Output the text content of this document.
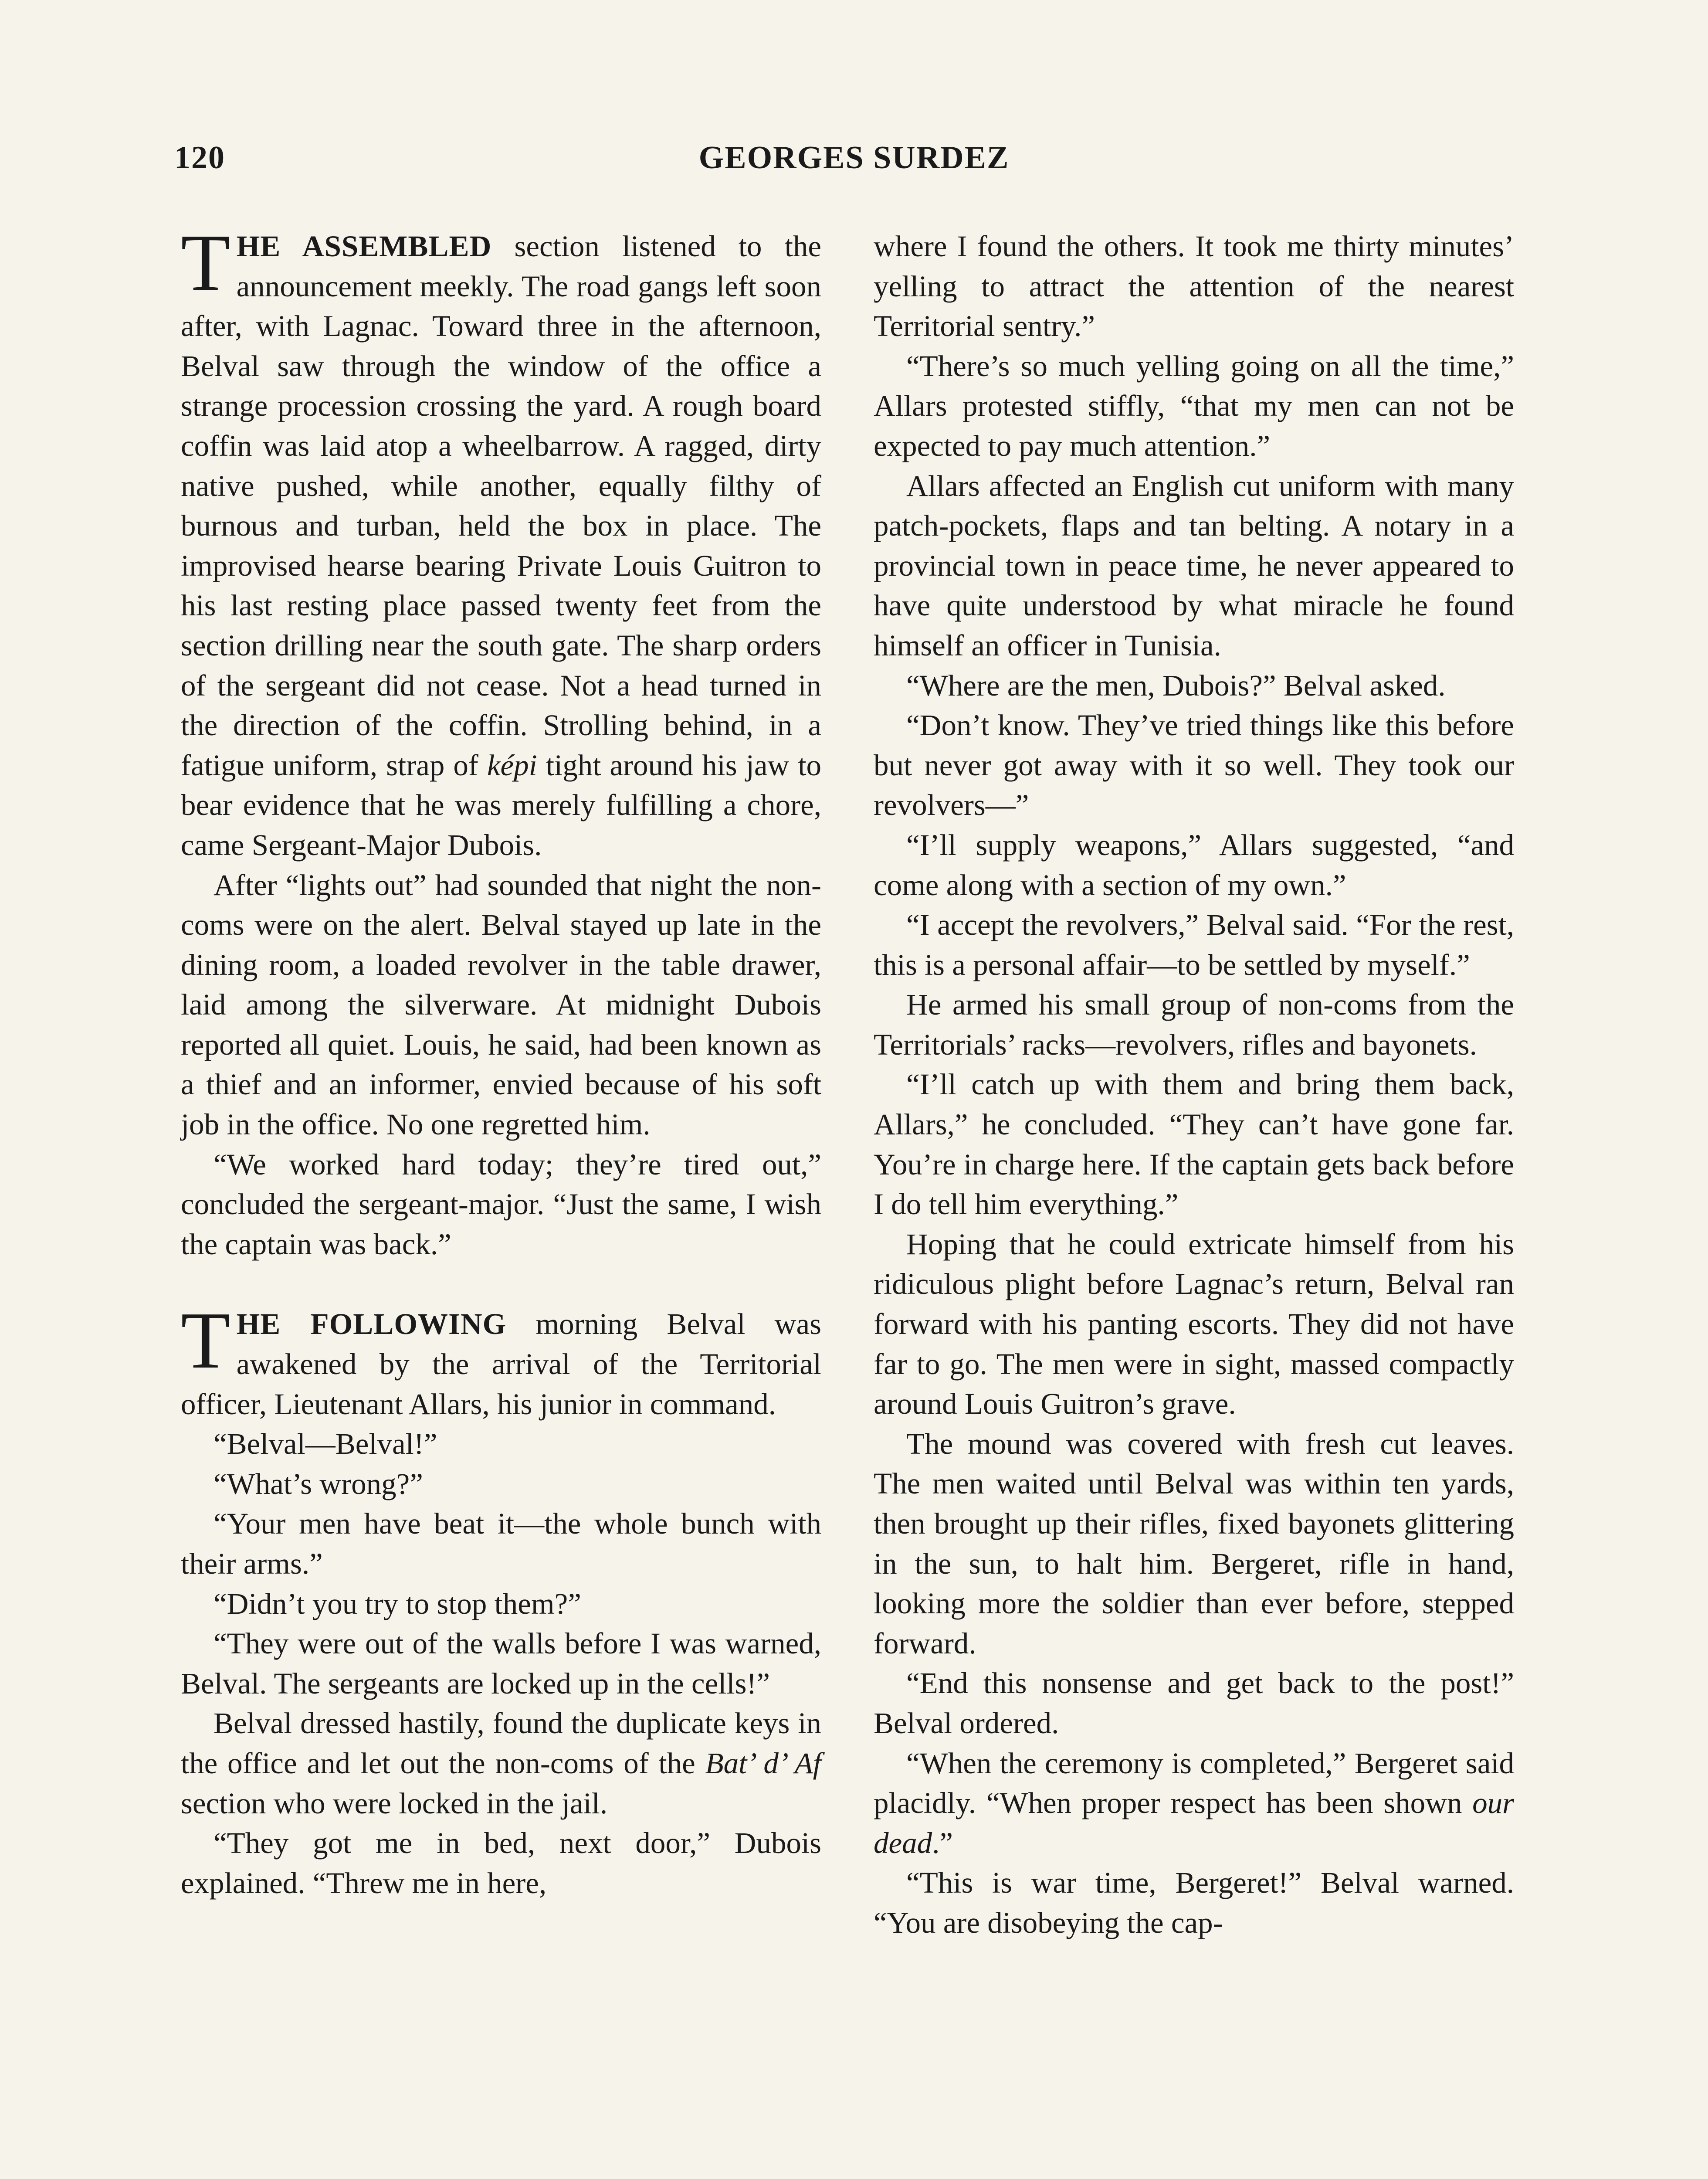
120	GEORGES SURDEZ

THE ASSEMBLED section listened to the announcement meekly. The road gangs left soon after, with Lagnac. Toward three in the afternoon, Belval saw through the window of the office a strange procession crossing the yard. A rough board coffin was laid atop a wheelbarrow. A ragged, dirty native pushed, while another, equally filthy of burnous and turban, held the box in place. The improvised hearse bearing Private Louis Guitron to his last resting place passed twenty feet from the section drilling near the south gate. The sharp orders of the sergeant did not cease. Not a head turned in the direction of the coffin. Strolling behind, in a fatigue uniform, strap of képi tight around his jaw to bear evidence that he was merely fulfilling a chore, came Sergeant-Major Dubois.

After “lights out” had sounded that night the non-coms were on the alert. Belval stayed up late in the dining room, a loaded revolver in the table drawer, laid among the silverware. At midnight Dubois reported all quiet. Louis, he said, had been known as a thief and an informer, envied because of his soft job in the office. No one regretted him.

“We worked hard today; they’re tired out,” concluded the sergeant-major. “Just the same, I wish the captain was back.”

THE FOLLOWING morning Belval was awakened by the arrival of the Territorial officer, Lieutenant Allars, his junior in command.

“Belval—Belval!”

“What’s wrong?”

“Your men have beat it—the whole bunch with their arms.”

“Didn’t you try to stop them?”

“They were out of the walls before I was warned, Belval. The sergeants are locked up in the cells!”

Belval dressed hastily, found the duplicate keys in the office and let out the non-coms of the Bat’ d’ Af section who were locked in the jail.

“They got me in bed, next door,” Dubois explained. “Threw me in here,

where I found the others. It took me thirty minutes’ yelling to attract the attention of the nearest Territorial sentry.”

“There’s so much yelling going on all the time,” Allars protested stiffly, “that my men can not be expected to pay much attention.”

Allars affected an English cut uniform with many patch-pockets, flaps and tan belting. A notary in a provincial town in peace time, he never appeared to have quite understood by what miracle he found himself an officer in Tunisia.

“Where are the men, Dubois?” Belval asked.

“Don’t know. They’ve tried things like this before but never got away with it so well. They took our revolvers—”

“I’ll supply weapons,” Allars suggested, “and come along with a section of my own.”

“I accept the revolvers,” Belval said. “For the rest, this is a personal affair—to be settled by myself.”

He armed his small group of non-coms from the Territorials’ racks—revolvers, rifles and bayonets.

“I’ll catch up with them and bring them back, Allars,” he concluded. “They can’t have gone far. You’re in charge here. If the captain gets back before I do tell him everything.”

Hoping that he could extricate himself from his ridiculous plight before Lagnac’s return, Belval ran forward with his panting escorts. They did not have far to go. The men were in sight, massed compactly around Louis Guitron’s grave.

The mound was covered with fresh cut leaves. The men waited until Belval was within ten yards, then brought up their rifles, fixed bayonets glittering in the sun, to halt him. Bergeret, rifle in hand, looking more the soldier than ever before, stepped forward.

“End this nonsense and get back to the post!” Belval ordered.

“When the ceremony is completed,” Bergeret said placidly. “When proper respect has been shown our dead.”

“This is war time, Bergeret!” Belval warned. “You are disobeying the cap-
